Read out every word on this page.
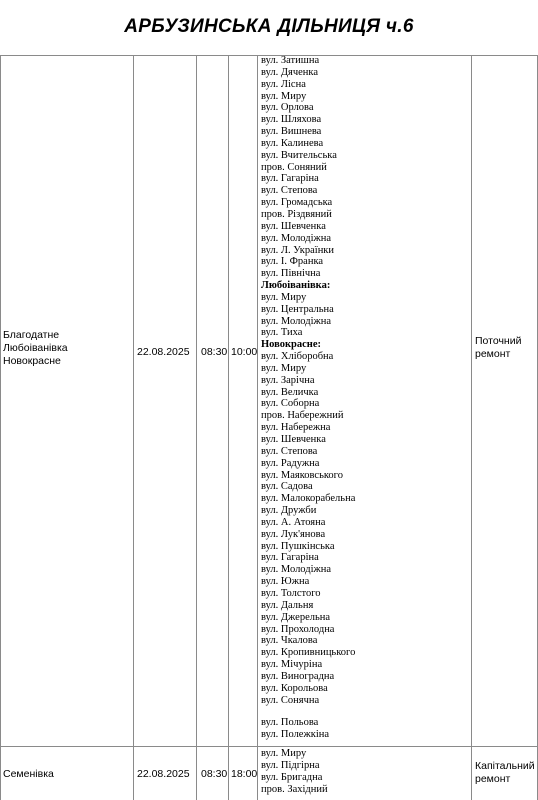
АРБУЗИНСЬКА ДІЛЬНИЦЯ ч.6
Благодатне
Любоіванівка
Новокрасне
22.08.2025 08:30 10:00
Поточний
ремонт
вул. Затишна
вул. Дяченка
вул. Лісна
вул. Миру
вул. Орлова
вул. Шляхова
вул. Вишнева
вул. Калинева
вул. Вчительська
пров. Соняний
вул. Гагаріна
вул. Степова
вул. Громадська
пров. Різдвяний
вул. Шевченка
вул. Молодіжна
вул. Л. Українки
вул. І. Франка
вул. Північна
Любоіванівка:
вул. Миру
вул. Центральна
вул. Молодіжна
вул. Тиха
Новокрасне:
вул. Хліборобна
вул. Миру
вул. Зарічна
вул. Величка
вул. Соборна
пров. Набережний
вул. Набережна
вул. Шевченка
вул. Степова
вул. Радужна
вул. Маяковського
вул. Садова
вул. Малокорабельна
вул. Дружби
вул. А. Атояна
вул. Лук'янова
вул. Пушкінська
вул. Гагаріна
вул. Молодіжна
вул. Южна
вул. Толстого
вул. Дальня
вул. Джерельна
вул. Прохолодна
вул. Чкалова
вул. Кропивницького
вул. Мічуріна
вул. Виноградна
вул. Корольова
вул. Сонячна
вул. Польова
вул. Полежкіна
Семенівка	22.08.2025 08:30 18:00
Капітальний
ремонт
вул. Миру
вул. Підгірна
вул. Бригадна
пров. Західний
